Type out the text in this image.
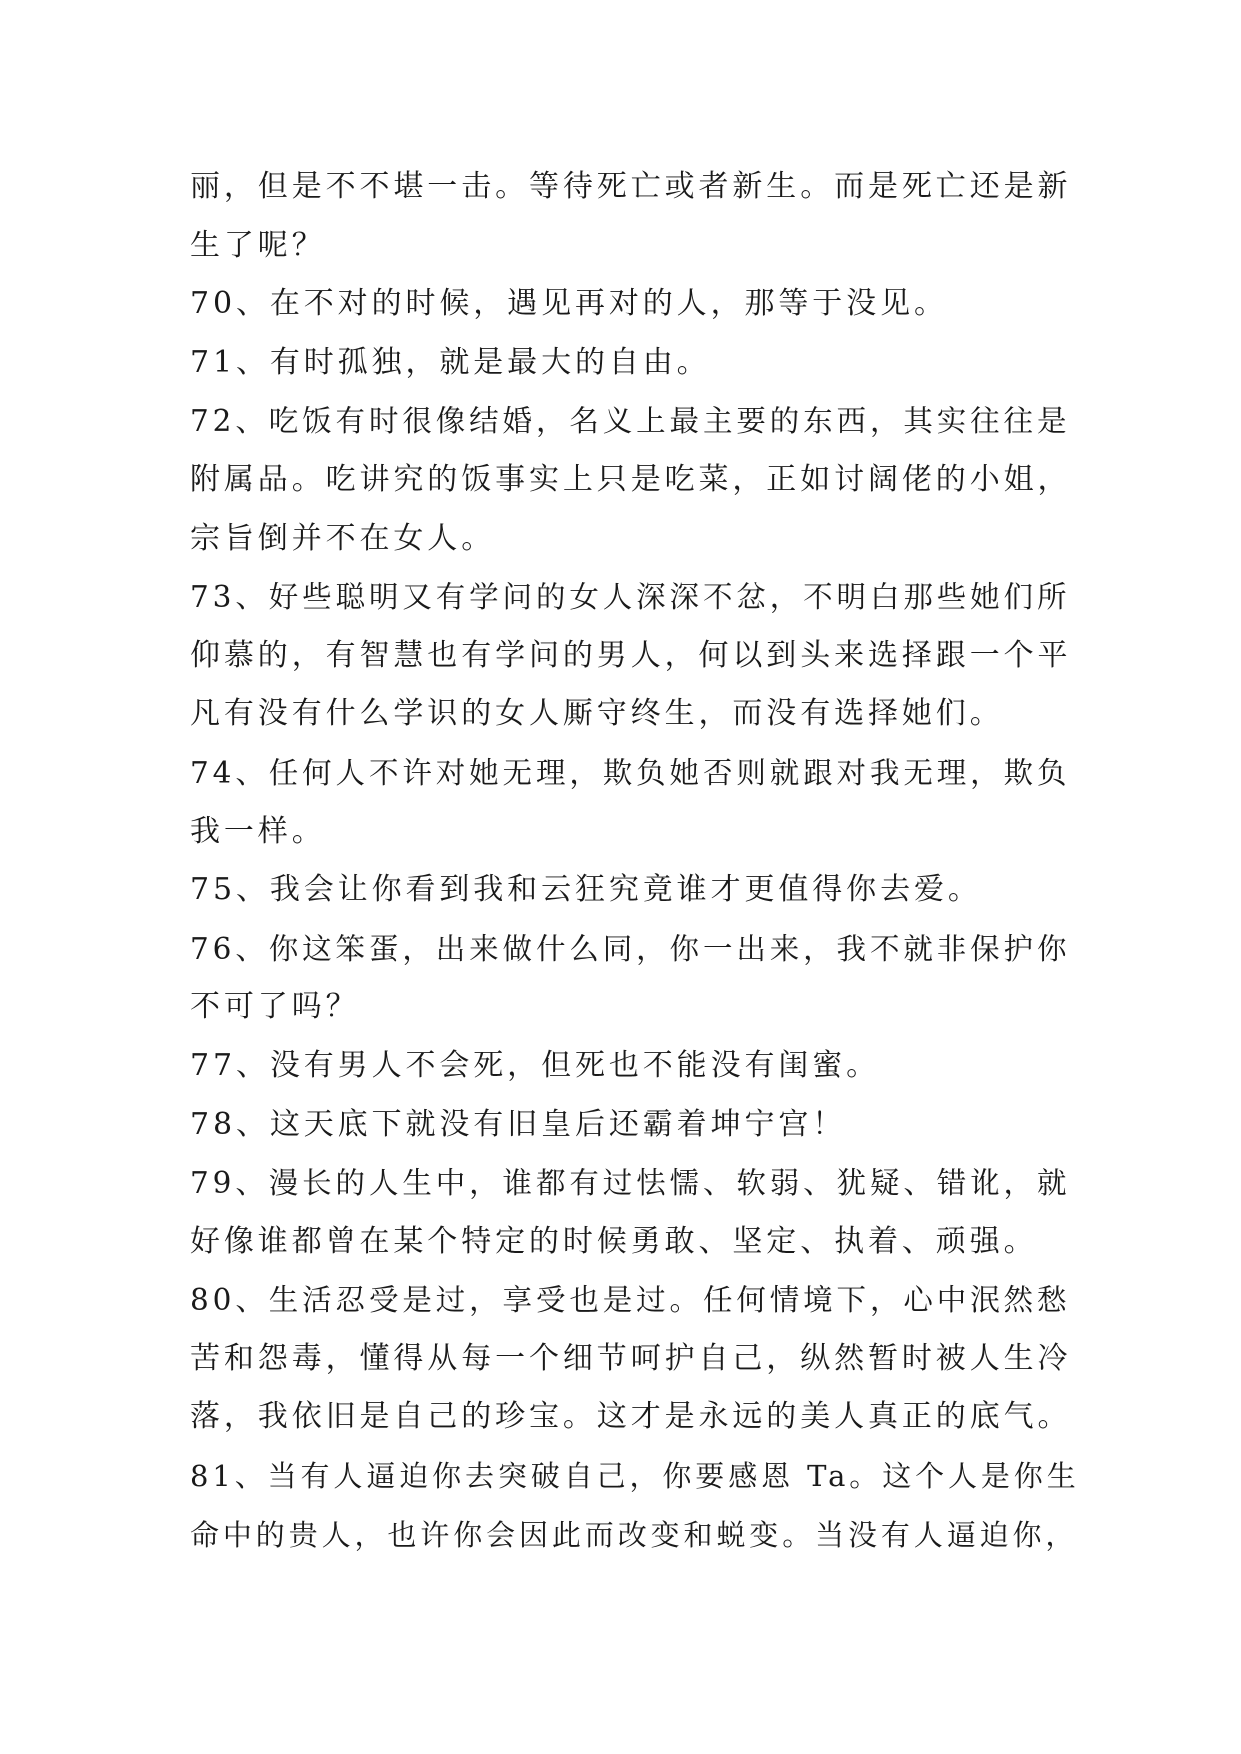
丽，但是不不堪一击。等待死亡或者新生。而是死亡还是新
生了呢？
70、在不对的时候，遇见再对的人，那等于没见。
71、有时孤独，就是最大的自由。
72、吃饭有时很像结婚，名义上最主要的东西，其实往往是
附属品。吃讲究的饭事实上只是吃菜，正如讨阔佬的小姐，
宗旨倒并不在女人。
73、好些聪明又有学问的女人深深不忿，不明白那些她们所
仰慕的，有智慧也有学问的男人，何以到头来选择跟一个平
凡有没有什么学识的女人厮守终生，而没有选择她们。
74、任何人不许对她无理，欺负她否则就跟对我无理，欺负
我一样。
75、我会让你看到我和云狂究竟谁才更值得你去爱。
76、你这笨蛋，出来做什么同，你一出来，我不就非保护你
不可了吗？
77、没有男人不会死，但死也不能没有闺蜜。
78、这天底下就没有旧皇后还霸着坤宁宫！
79、漫长的人生中，谁都有过怯懦、软弱、犹疑、错讹，就
好像谁都曾在某个特定的时候勇敢、坚定、执着、顽强。
80、生活忍受是过，享受也是过。任何情境下，心中泯然愁
苦和怨毒，懂得从每一个细节呵护自己，纵然暂时被人生冷
落，我依旧是自己的珍宝。这才是永远的美人真正的底气。
81、当有人逼迫你去突破自己，你要感恩 Ta。这个人是你生
命中的贵人，也许你会因此而改变和蜕变。当没有人逼迫你，
